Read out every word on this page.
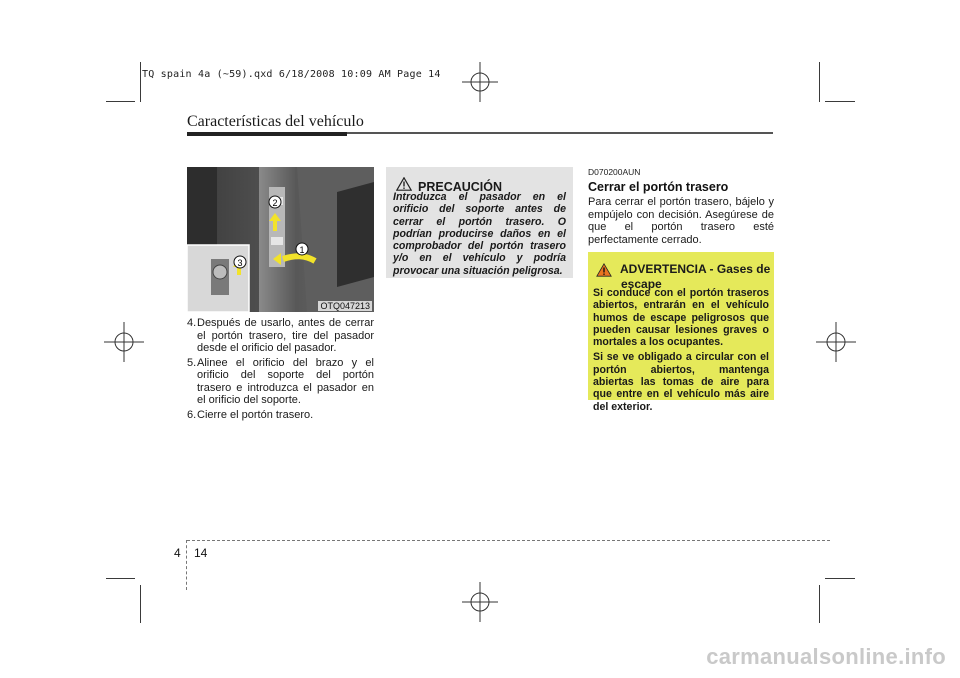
TQ spain 4a (~59).qxd 6/18/2008 10:09 AM Page 14
Características del vehículo
1
2
3
OTQ047213
4. Después de usarlo, antes de cerrar el portón trasero, tire del pasador desde el orificio del pasador.
5. Alinee el orificio del brazo y el orificio del soporte del portón trasero e introduzca el pasador en el orificio del soporte.
6. Cierre el portón trasero.
PRECAUCIÓN
Introduzca el pasador en el orificio del soporte antes de cerrar el portón trasero. O podrían producirse daños en el comprobador del portón trasero y/o en el vehículo y podría provocar una situación peligrosa.
D070200AUN
Cerrar el portón trasero
Para cerrar el portón trasero, bájelo y empújelo con decisión. Asegúrese de que el portón trasero esté perfectamente cerrado.
ADVERTENCIA - Gases de
escape

Si conduce con el portón traseros abiertos, entrarán en el vehículo humos de escape peligrosos que pueden causar lesiones graves o mortales a los ocupantes.

Si se ve obligado a circular con el portón abiertos, mantenga abiertas las tomas de aire para que entre en el vehículo más aire del exterior.

4 14
carmanualsonline.info
